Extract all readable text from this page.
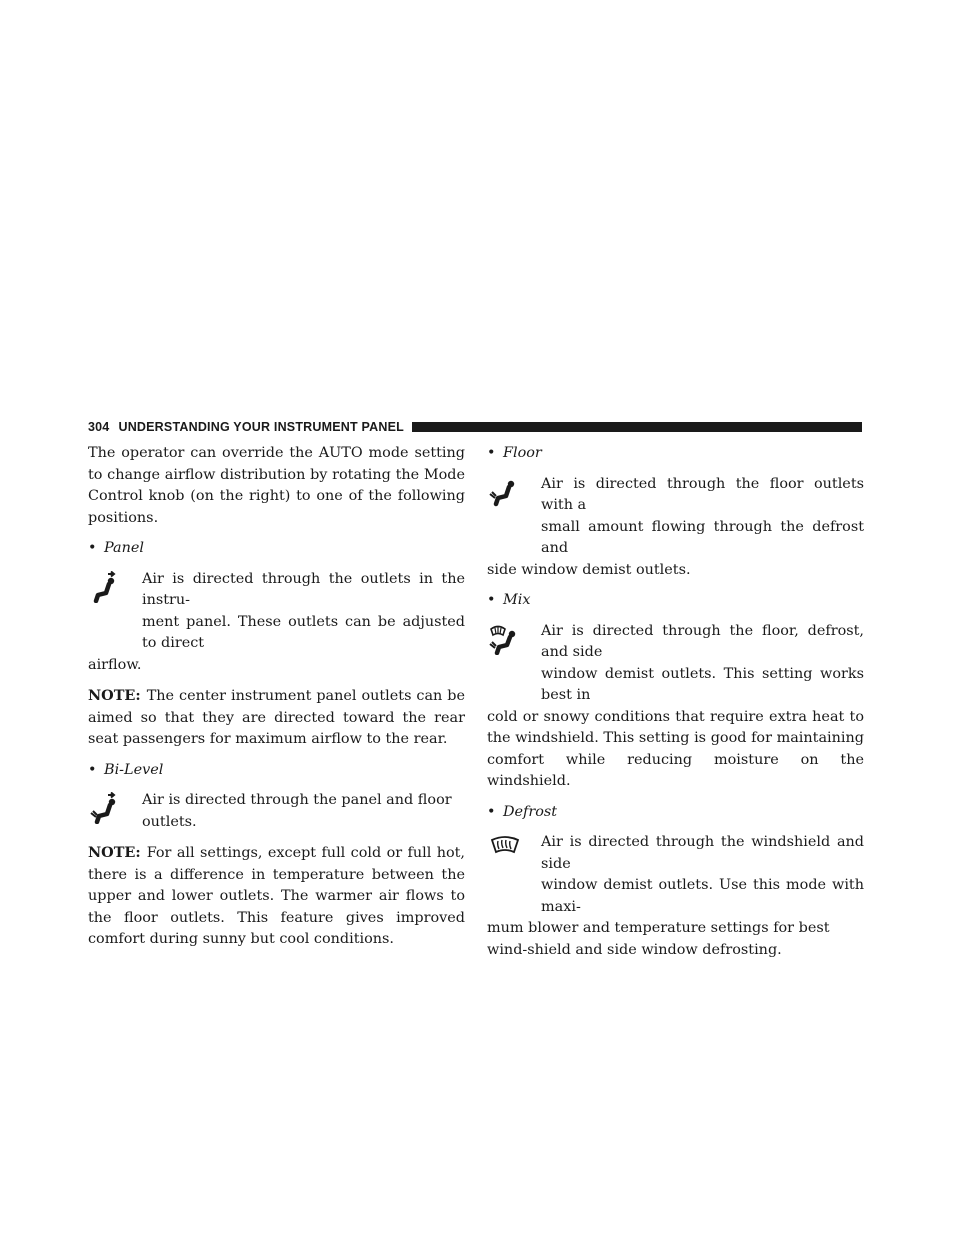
304 UNDERSTANDING YOUR INSTRUMENT PANEL

The operator can override the AUTO mode setting to change airflow distribution by rotating the Mode Control knob (on the right) to one of the following positions.

• Panel

Air is directed through the outlets in the instru-

ment panel. These outlets can be adjusted to direct

airflow.

NOTE: The center instrument panel outlets can be aimed so that they are directed toward the rear seat passengers for maximum airflow to the rear.

• Bi-Level

Air is directed through the panel and floor outlets.

NOTE: For all settings, except full cold or full hot, there is a difference in temperature between the upper and lower outlets. The warmer air flows to the floor outlets. This feature gives improved comfort during sunny but cool conditions.

• Floor

Air is directed through the floor outlets with a

small amount flowing through the defrost and

side window demist outlets.

• Mix

Air is directed through the floor, defrost, and side

window demist outlets. This setting works best in

cold or snowy conditions that require extra heat to the windshield. This setting is good for maintaining comfort while reducing moisture on the windshield.

• Defrost

Air is directed through the windshield and side

window demist outlets. Use this mode with maxi-

mum blower and temperature settings for best wind-shield and side window defrosting.
